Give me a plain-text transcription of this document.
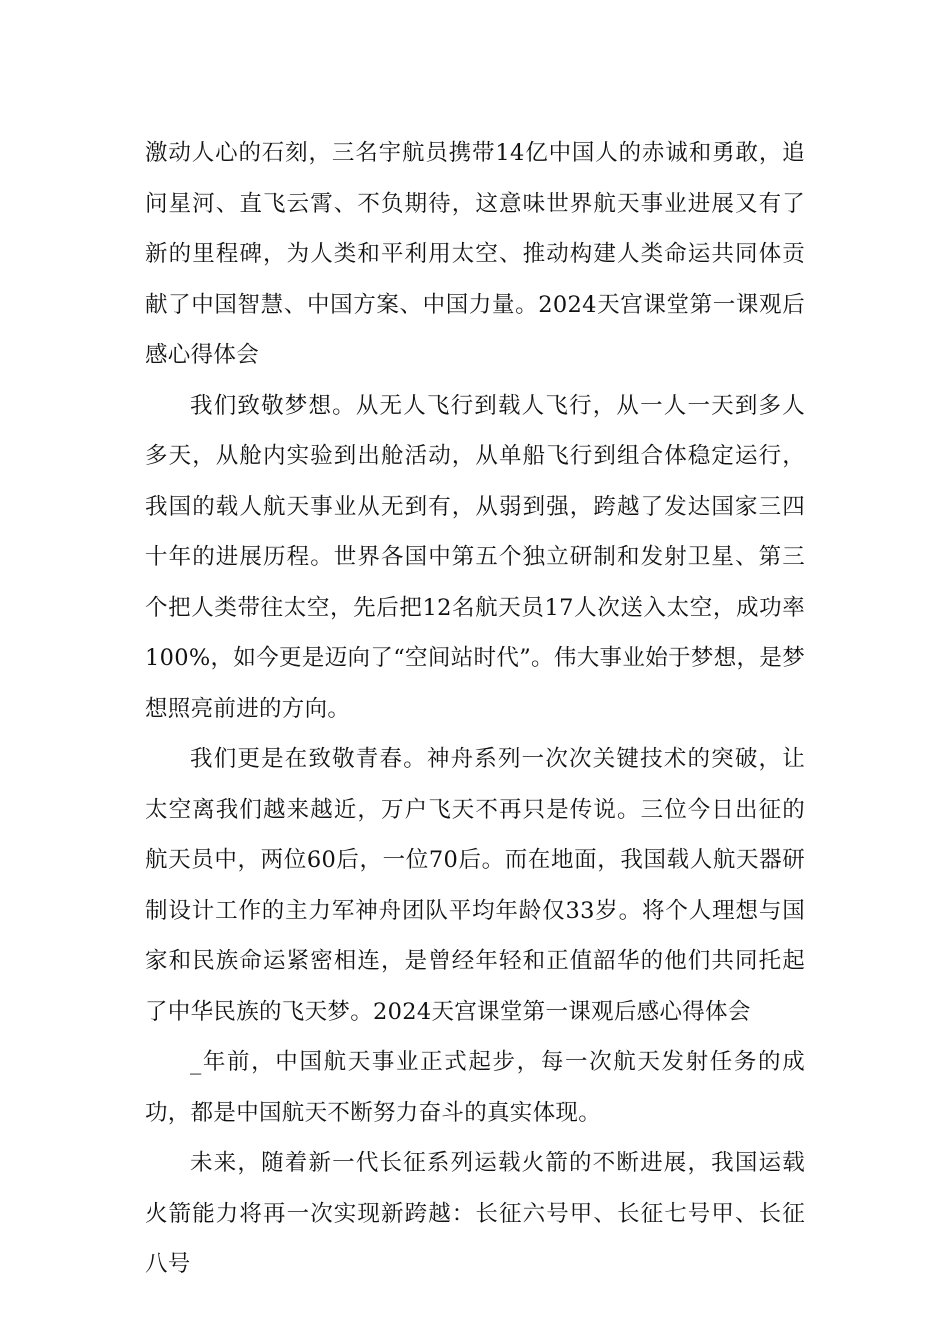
激动人心的石刻，三名宇航员携带14亿中国人的赤诚和勇敢，追问星河、直飞云霄、不负期待，这意味世界航天事业进展又有了新的里程碑，为人类和平利用太空、推动构建人类命运共同体贡献了中国智慧、中国方案、中国力量。2024天宫课堂第一课观后感心得体会

我们致敬梦想。从无人飞行到载人飞行，从一人一天到多人多天，从舱内实验到出舱活动，从单船飞行到组合体稳定运行，我国的载人航天事业从无到有，从弱到强，跨越了发达国家三四十年的进展历程。世界各国中第五个独立研制和发射卫星、第三个把人类带往太空，先后把12名航天员17人次送入太空，成功率100%，如今更是迈向了“空间站时代”。伟大事业始于梦想，是梦想照亮前进的方向。

我们更是在致敬青春。神舟系列一次次关键技术的突破，让太空离我们越来越近，万户飞天不再只是传说。三位今日出征的航天员中，两位60后，一位70后。而在地面，我国载人航天器研制设计工作的主力军神舟团队平均年龄仅33岁。将个人理想与国家和民族命运紧密相连，是曾经年轻和正值韶华的他们共同托起了中华民族的飞天梦。2024天宫课堂第一课观后感心得体会

_年前，中国航天事业正式起步，每一次航天发射任务的成功，都是中国航天不断努力奋斗的真实体现。

未来，随着新一代长征系列运载火箭的不断进展，我国运载火箭能力将再一次实现新跨越：长征六号甲、长征七号甲、长征八号
